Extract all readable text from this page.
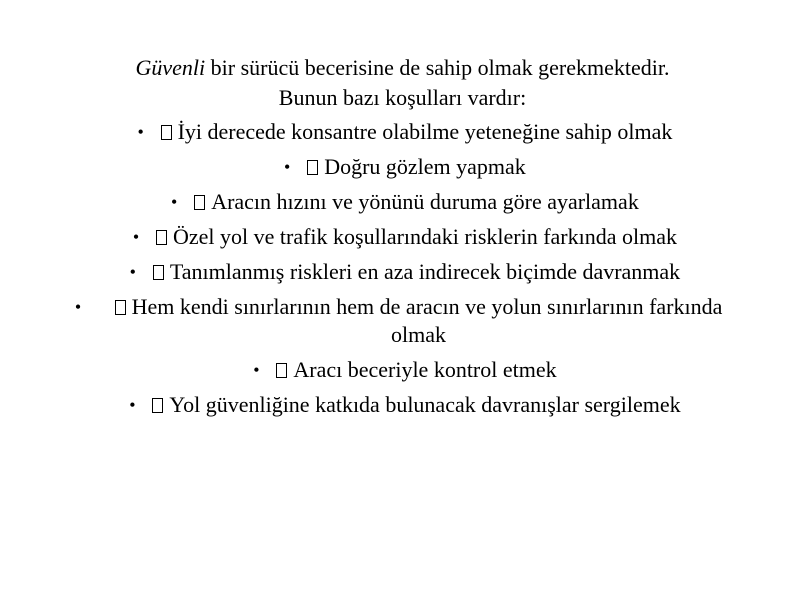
Güvenli bir sürücü becerisine de sahip olmak gerekmektedir.
Bunun bazı koşulları vardır:
• İyi derecede konsantre olabilme yeteneğine sahip olmak
• Doğru gözlem yapmak
• Aracın hızını ve yönünü duruma göre ayarlamak
• Özel yol ve trafik koşullarındaki risklerin farkında olmak
• Tanımlanmış riskleri en aza indirecek biçimde davranmak
• Hem kendi sınırlarının hem de aracın ve yolun sınırlarının farkında olmak
• Aracı beceriyle kontrol etmek
• Yol güvenliğine katkıda bulunacak davranışlar sergilemek
